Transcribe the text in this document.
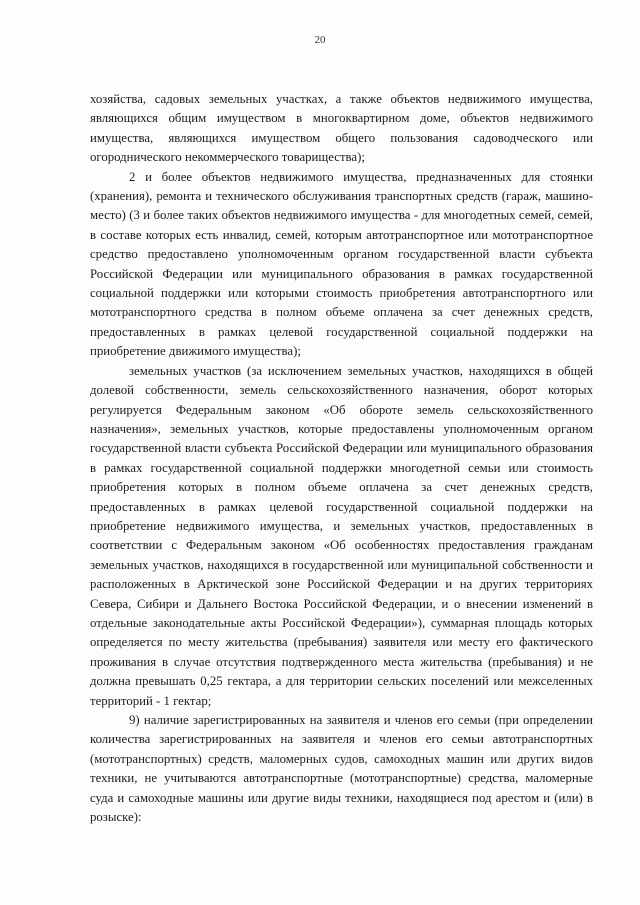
20

хозяйства, садовых земельных участках, а также объектов недвижимого имущества, являющихся общим имуществом в многоквартирном доме, объектов недвижимого имущества, являющихся имуществом общего пользования садоводческого или огороднического некоммерческого товарищества);

2 и более объектов недвижимого имущества, предназначенных для стоянки (хранения), ремонта и технического обслуживания транспортных средств (гараж, машино-место) (3 и более таких объектов недвижимого имущества - для многодетных семей, семей, в составе которых есть инвалид, семей, которым автотранспортное или мототранспортное средство предоставлено уполномоченным органом государственной власти субъекта Российской Федерации или муниципального образования в рамках государственной социальной поддержки или которыми стоимость приобретения автотранспортного или мототранспортного средства в полном объеме оплачена за счет денежных средств, предоставленных в рамках целевой государственной социальной поддержки на приобретение движимого имущества);

земельных участков (за исключением земельных участков, находящихся в общей долевой собственности, земель сельскохозяйственного назначения, оборот которых регулируется Федеральным законом «Об обороте земель сельскохозяйственного назначения», земельных участков, которые предоставлены уполномоченным органом государственной власти субъекта Российской Федерации или муниципального образования в рамках государственной социальной поддержки многодетной семьи или стоимость приобретения которых в полном объеме оплачена за счет денежных средств, предоставленных в рамках целевой государственной социальной поддержки на приобретение недвижимого имущества, и земельных участков, предоставленных в соответствии с Федеральным законом «Об особенностях предоставления гражданам земельных участков, находящихся в государственной или муниципальной собственности и расположенных в Арктической зоне Российской Федерации и на других территориях Севера, Сибири и Дальнего Востока Российской Федерации, и о внесении изменений в отдельные законодательные акты Российской Федерации»), суммарная площадь которых определяется по месту жительства (пребывания) заявителя или месту его фактического проживания в случае отсутствия подтвержденного места жительства (пребывания) и не должна превышать 0,25 гектара, а для территории сельских поселений или межселенных территорий - 1 гектар;

9) наличие зарегистрированных на заявителя и членов его семьи (при определении количества зарегистрированных на заявителя и членов его семьи автотранспортных (мототранспортных) средств, маломерных судов, самоходных машин или других видов техники, не учитываются автотранспортные (мототранспортные) средства, маломерные суда и самоходные машины или другие виды техники, находящиеся под арестом и (или) в розыске):
